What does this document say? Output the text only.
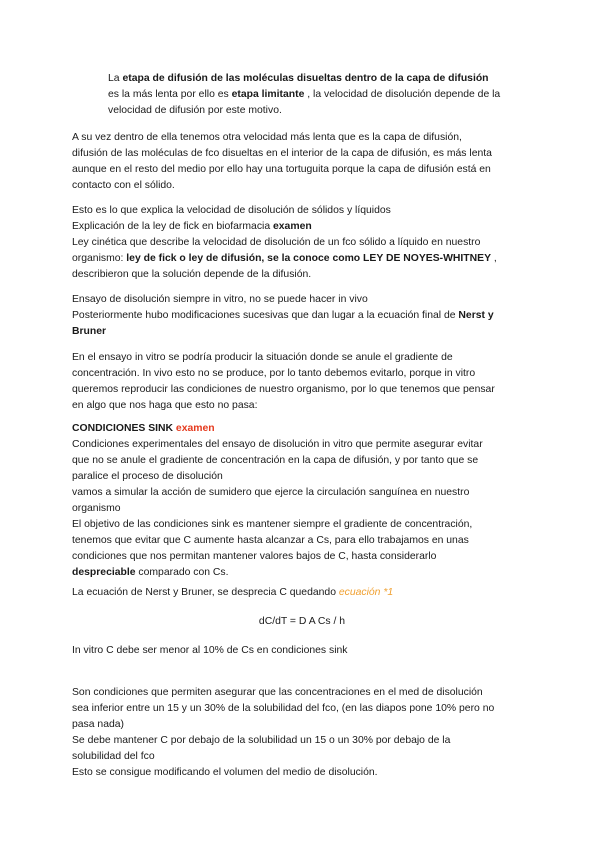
La etapa de difusión de las moléculas disueltas dentro de la capa de difusión
es la más lenta por ello es etapa limitante , la velocidad de disolución depende de la
velocidad de difusión por este motivo.
A su vez dentro de ella tenemos otra velocidad más lenta que es la capa de difusión,
difusión de las moléculas de fco disueltas en el interior de la capa de difusión, es más lenta
aunque en el resto del medio por ello hay una tortuguita porque la capa de difusión está en
contacto con el sólido.
Esto es lo que explica la velocidad de disolución de sólidos y líquidos
Explicación de la ley de fick en biofarmacia examen
Ley cinética que describe la velocidad de disolución de un fco sólido a líquido en nuestro
organismo: ley de fick o ley de difusión, se la conoce como LEY DE NOYES-WHITNEY ,
describieron que la solución depende de la difusión.
Ensayo de disolución siempre in vitro, no se puede hacer in vivo
Posteriormente hubo modificaciones sucesivas que dan lugar a la ecuación final de Nerst y
Bruner
En el ensayo in vitro se podría producir la situación donde se anule el gradiente de
concentración. In vivo esto no se produce, por lo tanto debemos evitarlo, porque in vitro
queremos reproducir las condiciones de nuestro organismo, por lo que tenemos que pensar
en algo que nos haga que esto no pasa:
CONDICIONES SINK examen
Condiciones experimentales del ensayo de disolución in vitro que permite asegurar evitar
que no se anule el gradiente de concentración en la capa de difusión, y por tanto que se
paralice el proceso de disolución
vamos a simular la acción de sumidero que ejerce la circulación sanguínea en nuestro
organismo
El objetivo de las condiciones sink es mantener siempre el gradiente de concentración,
tenemos que evitar que C aumente hasta alcanzar a Cs, para ello trabajamos en unas
condiciones que nos permitan mantener valores bajos de C, hasta considerarlo
despreciable comparado con Cs.
La ecuación de Nerst y Bruner, se desprecia C quedando ecuación *1
dC/dT = D A Cs / h
In vitro C debe ser menor al 10% de Cs en condiciones sink
Son condiciones que permiten asegurar que las concentraciones en el med de disolución
sea inferior entre un 15 y un 30% de la solubilidad del fco, (en las diapos pone 10% pero no
pasa nada)
Se debe mantener C por debajo de la solubilidad un 15 o un 30% por debajo de la
solubilidad del fco
Esto se consigue modificando el volumen del medio de disolución.
